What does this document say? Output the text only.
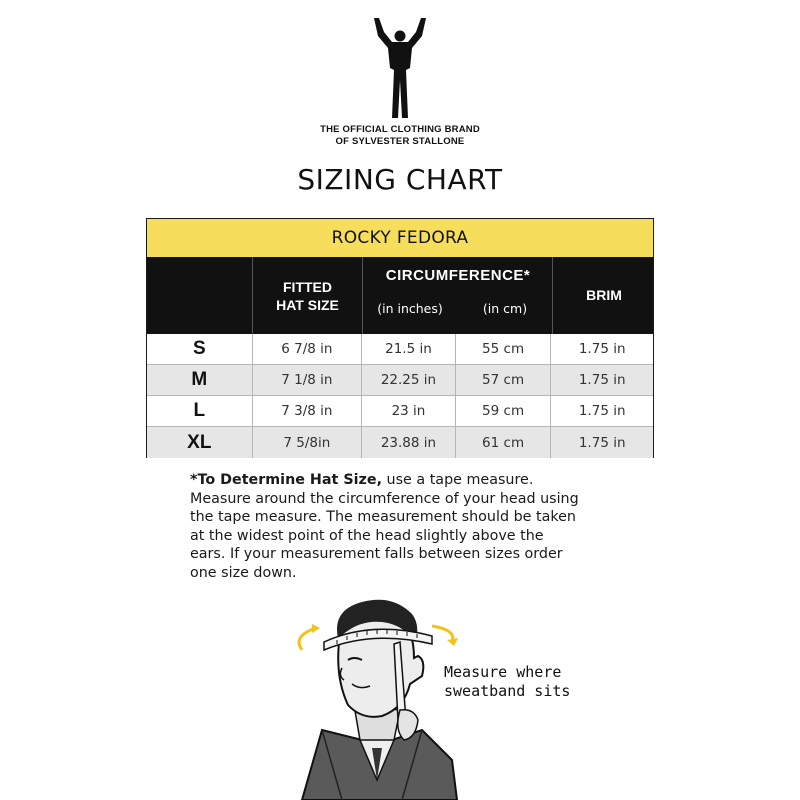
THE OFFICIAL CLOTHING BRAND
OF SYLVESTER STALLONE
SIZING CHART
ROCKY FEDORA
FITTED
HAT SIZE
CIRCUMFERENCE*
(in inches)	(in cm)
BRIM
S	6 7/8 in	21.5 in	55 cm	1.75 in
M	7 1/8 in	22.25 in	57 cm	1.75 in
L	7 3/8 in	23 in	59 cm	1.75 in
XL	7 5/8in	23.88 in	61 cm	1.75 in
*To Determine Hat Size, use a tape measure.
Measure around the circumference of your head using
the tape measure. The measurement should be taken
at the widest point of the head slightly above the
ears. If your measurement falls between sizes order
one size down.
Measure where
sweatband sits
